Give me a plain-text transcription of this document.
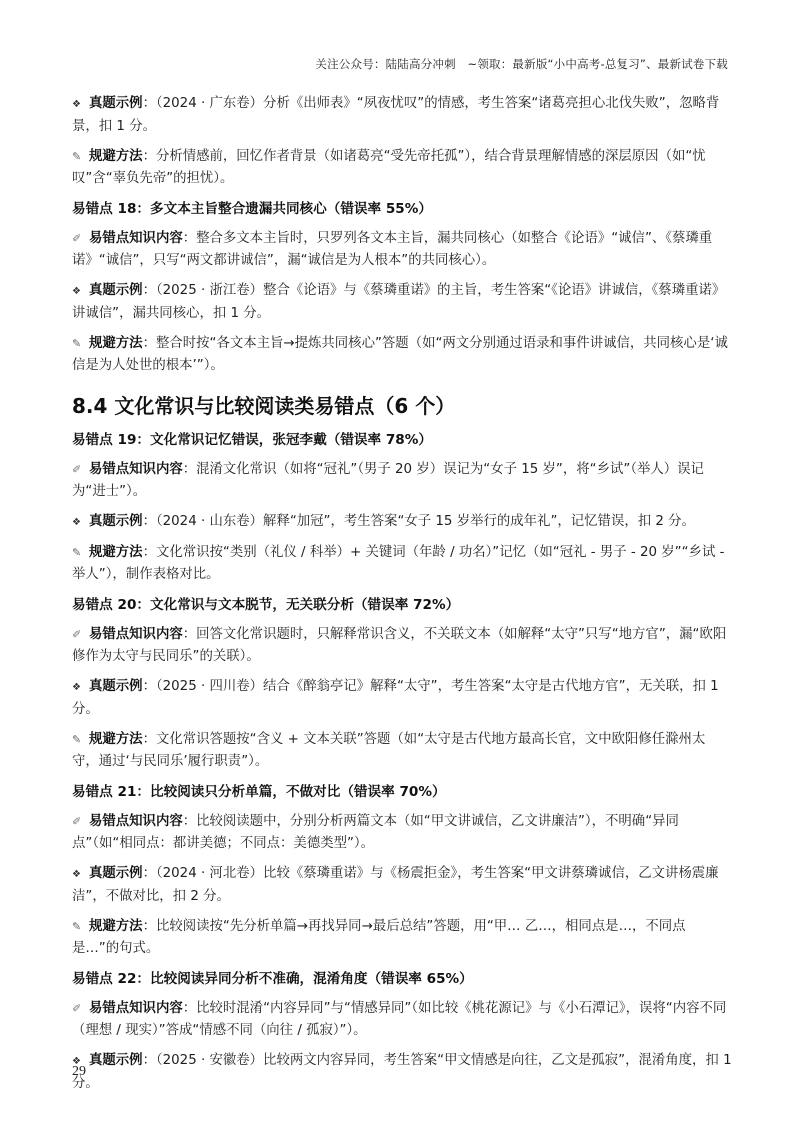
关注公众号：陆陆高分冲刺　~领取：最新版“小中高考-总复习”、最新试卷下载

❖ 真题示例：（2024 · 广东卷）分析《出师表》“夙夜忧叹”的情感，考生答案“诸葛亮担心北伐失败”，忽略背景，扣 1 分。

✎ 规避方法：分析情感前，回忆作者背景（如诸葛亮“受先帝托孤”），结合背景理解情感的深层原因（如“忧叹”含“辜负先帝”的担忧）。

易错点 18：多文本主旨整合遗漏共同核心（错误率 55%）

✐ 易错点知识内容：整合多文本主旨时，只罗列各文本主旨，漏共同核心（如整合《论语》“诚信”、《蔡璘重诺》“诚信”，只写“两文都讲诚信”，漏“诚信是为人根本”的共同核心）。

❖ 真题示例：（2025 · 浙江卷）整合《论语》与《蔡璘重诺》的主旨，考生答案“《论语》讲诚信，《蔡璘重诺》讲诚信”，漏共同核心，扣 1 分。

✎ 规避方法：整合时按“各文本主旨→提炼共同核心”答题（如“两文分别通过语录和事件讲诚信，共同核心是‘诚信是为人处世的根本’”）。

8.4 文化常识与比较阅读类易错点（6 个）
易错点 19：文化常识记忆错误，张冠李戴（错误率 78%）

✐ 易错点知识内容：混淆文化常识（如将“冠礼”（男子 20 岁）误记为“女子 15 岁”，将“乡试”（举人）误记为“进士”）。

❖ 真题示例：（2024 · 山东卷）解释“加冠”，考生答案“女子 15 岁举行的成年礼”，记忆错误，扣 2 分。

✎ 规避方法：文化常识按“类别（礼仪 / 科举）+ 关键词（年龄 / 功名）”记忆（如“冠礼 - 男子 - 20 岁”“乡试 - 举人”），制作表格对比。

易错点 20：文化常识与文本脱节，无关联分析（错误率 72%）

✐ 易错点知识内容：回答文化常识题时，只解释常识含义，不关联文本（如解释“太守”只写“地方官”，漏“欧阳修作为太守与民同乐”的关联）。

❖ 真题示例：（2025 · 四川卷）结合《醉翁亭记》解释“太守”，考生答案“太守是古代地方官”，无关联，扣 1 分。

✎ 规避方法：文化常识答题按“含义 + 文本关联”答题（如“太守是古代地方最高长官，文中欧阳修任滁州太守，通过‘与民同乐’履行职责”）。

易错点 21：比较阅读只分析单篇，不做对比（错误率 70%）

✐ 易错点知识内容：比较阅读题中，分别分析两篇文本（如“甲文讲诚信，乙文讲廉洁”），不明确“异同点”（如“相同点：都讲美德；不同点：美德类型”）。

❖ 真题示例：（2024 · 河北卷）比较《蔡璘重诺》与《杨震拒金》，考生答案“甲文讲蔡璘诚信，乙文讲杨震廉洁”，不做对比，扣 2 分。

✎ 规避方法：比较阅读按“先分析单篇→再找异同→最后总结”答题，用“甲… 乙…，相同点是…，不同点是…”的句式。

易错点 22：比较阅读异同分析不准确，混淆角度（错误率 65%）

✐ 易错点知识内容：比较时混淆“内容异同”与“情感异同”（如比较《桃花源记》与《小石潭记》，误将“内容不同（理想 / 现实）”答成“情感不同（向往 / 孤寂）”）。

❖ 真题示例：（2025 · 安徽卷）比较两文内容异同，考生答案“甲文情感是向往，乙文是孤寂”，混淆角度，扣 1 分。

29
